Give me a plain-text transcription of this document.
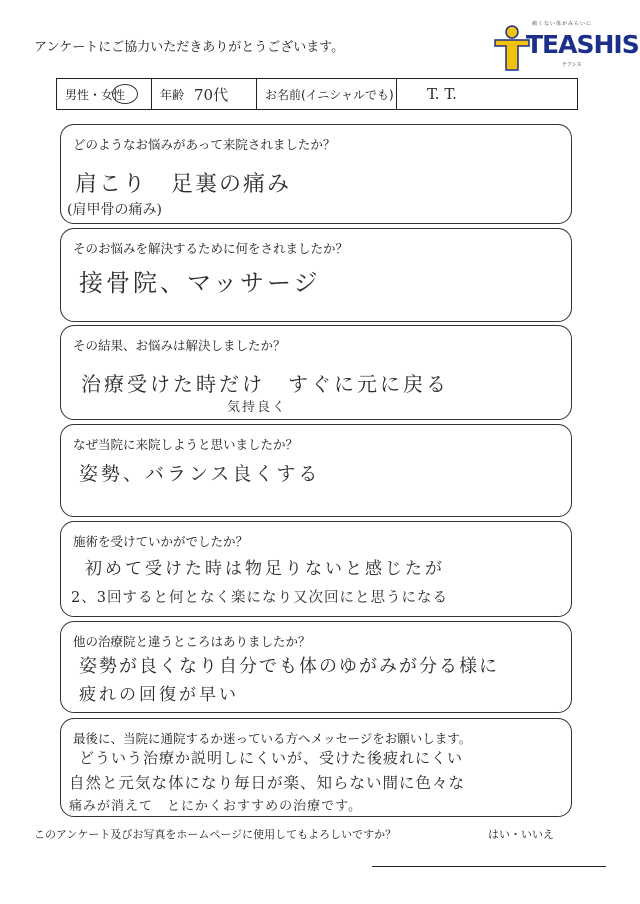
アンケートにご協力いただきありがとうございます。
痛くない体がみらいに
TEASHIS
テアシス
男性・女性	年齢 70代	お名前(イニシャルでも) T. T.
どのようなお悩みがあって来院されましたか？
肩こり　足裏の痛み
(肩甲骨の痛み)
そのお悩みを解決するために何をされましたか？
接骨院、マッサージ
その結果、お悩みは解決しましたか？
治療受けた時だけ　すぐに元に戻る
気持良く
なぜ当院に来院しようと思いましたか？
姿勢、バランス良くする
施術を受けていかがでしたか？
初めて受けた時は物足りないと感じたが
2、3回すると何となく楽になり又次回にと思うになる
他の治療院と違うところはありましたか？
姿勢が良くなり自分でも体のゆがみが分る様に
疲れの回復が早い
最後に、当院に通院するか迷っている方へメッセージをお願いします。
どういう治療か説明しにくいが、受けた後疲れにくい
自然と元気な体になり毎日が楽、知らない間に色々な
痛みが消えて　とにかくおすすめの治療です。
このアンケート及びお写真をホームページに使用してもよろしいですか？	はい・いいえ
